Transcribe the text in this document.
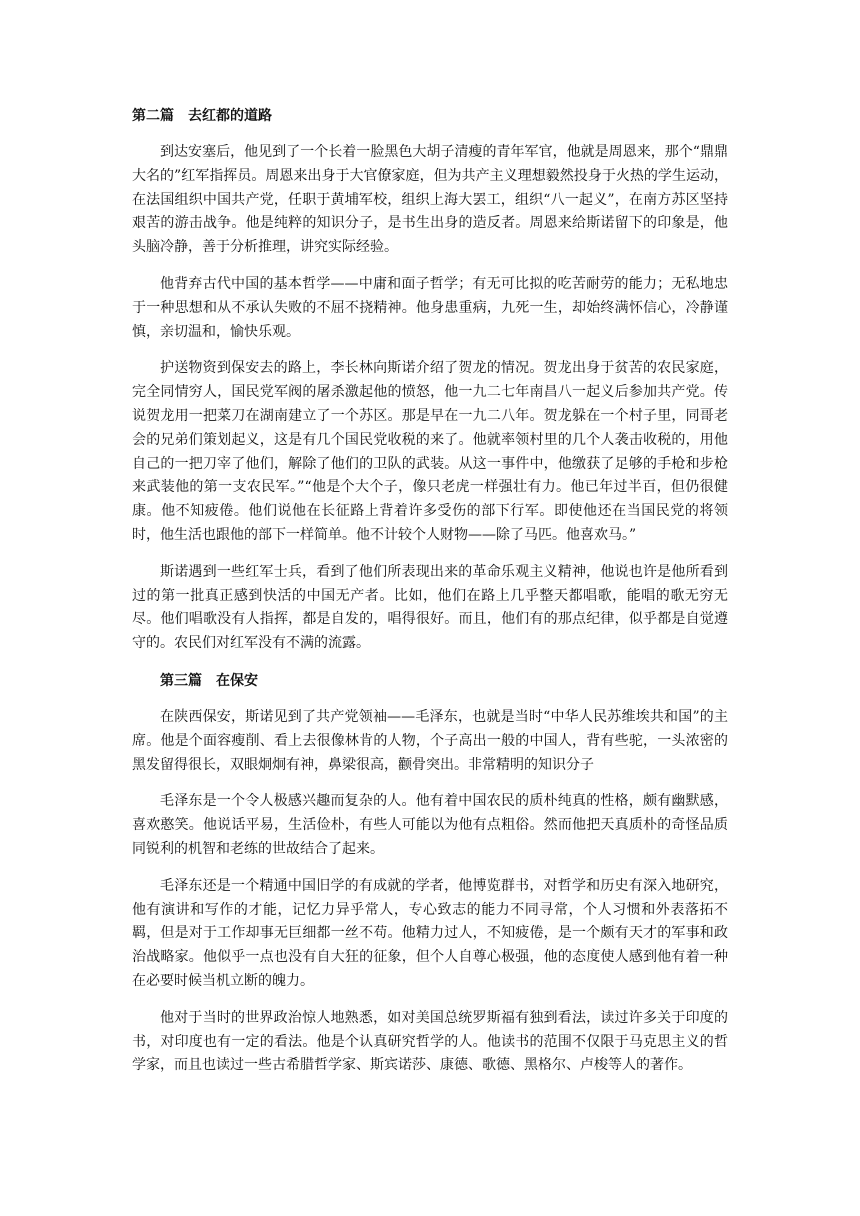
第二篇　去红都的道路

到达安塞后，他见到了一个长着一脸黑色大胡子清瘦的青年军官，他就是周恩来，那个“鼎鼎大名的”红军指挥员。周恩来出身于大官僚家庭，但为共产主义理想毅然投身于火热的学生运动，在法国组织中国共产党，任职于黄埔军校，组织上海大罢工，组织“八一起义”，在南方苏区坚持艰苦的游击战争。他是纯粹的知识分子，是书生出身的造反者。周恩来给斯诺留下的印象是，他头脑冷静，善于分析推理，讲究实际经验。

他背弃古代中国的基本哲学——中庸和面子哲学；有无可比拟的吃苦耐劳的能力；无私地忠于一种思想和从不承认失败的不屈不挠精神。他身患重病，九死一生，却始终满怀信心，冷静谨慎，亲切温和，愉快乐观。

护送物资到保安去的路上，李长林向斯诺介绍了贺龙的情况。贺龙出身于贫苦的农民家庭，完全同情穷人，国民党军阀的屠杀激起他的愤怒，他一九二七年南昌八一起义后参加共产党。传说贺龙用一把菜刀在湖南建立了一个苏区。那是早在一九二八年。贺龙躲在一个村子里，同哥老会的兄弟们策划起义，这是有几个国民党收税的来了。他就率领村里的几个人袭击收税的，用他自己的一把刀宰了他们，解除了他们的卫队的武装。从这一事件中，他缴获了足够的手枪和步枪来武装他的第一支农民军。”“他是个大个子，像只老虎一样强壮有力。他已年过半百，但仍很健康。他不知疲倦。他们说他在长征路上背着许多受伤的部下行军。即使他还在当国民党的将领时，他生活也跟他的部下一样简单。他不计较个人财物——除了马匹。他喜欢马。”

斯诺遇到一些红军士兵，看到了他们所表现出来的革命乐观主义精神，他说也许是他所看到过的第一批真正感到快活的中国无产者。比如，他们在路上几乎整天都唱歌，能唱的歌无穷无尽。他们唱歌没有人指挥，都是自发的，唱得很好。而且，他们有的那点纪律，似乎都是自觉遵守的。农民们对红军没有不满的流露。

第三篇　在保安

在陕西保安，斯诺见到了共产党领袖——毛泽东，也就是当时“中华人民苏维埃共和国”的主席。他是个面容瘦削、看上去很像林肯的人物，个子高出一般的中国人，背有些驼，一头浓密的黑发留得很长，双眼炯炯有神，鼻梁很高，颧骨突出。非常精明的知识分子

毛泽东是一个令人极感兴趣而复杂的人。他有着中国农民的质朴纯真的性格，颇有幽默感，喜欢憨笑。他说话平易，生活俭朴，有些人可能以为他有点粗俗。然而他把天真质朴的奇怪品质同锐利的机智和老练的世故结合了起来。

毛泽东还是一个精通中国旧学的有成就的学者，他博览群书，对哲学和历史有深入地研究，他有演讲和写作的才能，记忆力异乎常人，专心致志的能力不同寻常，个人习惯和外表落拓不羁，但是对于工作却事无巨细都一丝不苟。他精力过人，不知疲倦，是一个颇有天才的军事和政治战略家。他似乎一点也没有自大狂的征象，但个人自尊心极强，他的态度使人感到他有着一种在必要时候当机立断的魄力。

他对于当时的世界政治惊人地熟悉，如对美国总统罗斯福有独到看法，读过许多关于印度的书，对印度也有一定的看法。他是个认真研究哲学的人。他读书的范围不仅限于马克思主义的哲学家，而且也读过一些古希腊哲学家、斯宾诺莎、康德、歌德、黑格尔、卢梭等人的著作。
